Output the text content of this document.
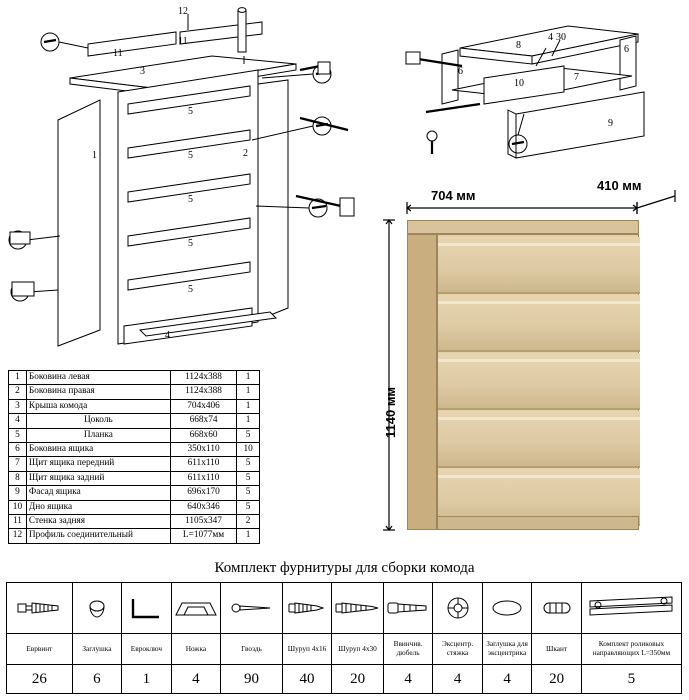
11
11
12
3
1	2
5
5
5
5
5
4
8
4 30
6
6
10
7
9
1	Боковина левая	1124х388	1
2	Боковина правая	1124х388	1
3	Крыша комода	704х406	1
4	Цоколь	668х74	1
5	Планка	668х60	5
6	Боковина ящика	350х110	10
7	Щит ящика передний	611х110	5
8	Щит ящика задний	611х110	5
9	Фасад ящика	696х170	5
10	Дно ящика	640х346	5
11	Стенка задняя	1105х347	2
12	Профиль соединительный	L=1077мм	1
704 мм
410 мм
1140 мм
Комплект фурнитуры для сборки комода

Еврвинт	Заглушка	Евроключ	Ножка	Гвоздь	Шуруп 4х16	Шуруп 4х30	Ввинчив. дюбель	Эксцентр. стяжка	Заглушка для эксцентрика	Шкант	Комплект роликовых направляющих L=350мм
26	6	1	4	90	40	20	4	4	4	20	5
